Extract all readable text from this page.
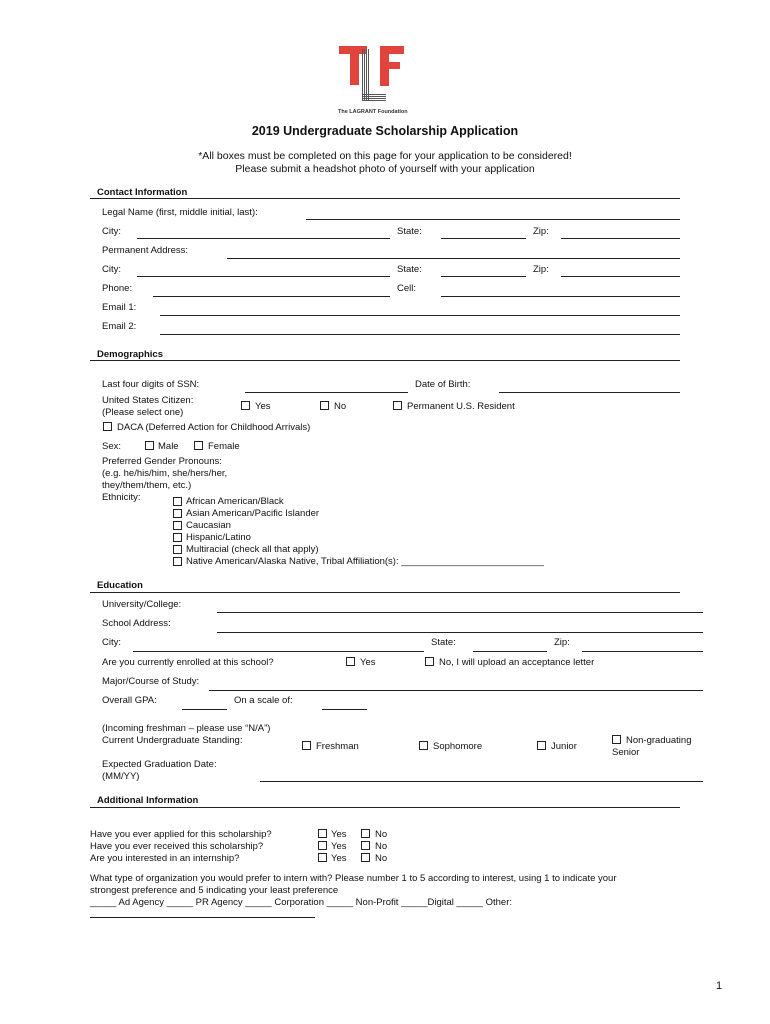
The LAGRANT Foundation
2019 Undergraduate Scholarship Application
*All boxes must be completed on this page for your application to be considered!
Please submit a headshot photo of yourself with your application
Contact Information
Legal Name (first, middle initial, last):
City:	State:	Zip:
Permanent Address:
City:	State:	Zip:
Phone:	Cell:
Email 1:
Email 2:
Demographics
Last four digits of SSN:	Date of Birth:
United States Citizen:
(Please select one)
Yes	No	Permanent U.S. Resident
DACA (Deferred Action for Childhood Arrivals)
Sex:	Male	Female
Preferred Gender Pronouns:
(e.g. he/his/him, she/hers/her,
they/them/them, etc.)
Ethnicity:	African American/Black
Asian American/Pacific Islander
Caucasian
Hispanic/Latino
Multiracial (check all that apply)
Native American/Alaska Native, Tribal Affiliation(s): ___________________________
Education
University/College:
School Address:
City:	State:	Zip:
Are you currently enrolled at this school?	Yes	No, I will upload an acceptance letter
Major/Course of Study:
Overall GPA:	On a scale of:
(Incoming freshman – please use “N/A”)
Current Undergraduate Standing:
Freshman	Sophomore	Junior
Non-graduating
Senior
Expected Graduation Date:
(MM/YY)
Additional Information
Have you ever applied for this scholarship?	Yes	No
Have you ever received this scholarship?	Yes	No
Are you interested in an internship?	Yes	No
What type of organization you would prefer to intern with? Please number 1 to 5 according to interest, using 1 to indicate your
strongest preference and 5 indicating your least preference
_____ Ad Agency _____ PR Agency _____ Corporation _____ Non-Profit _____Digital _____ Other:
1
